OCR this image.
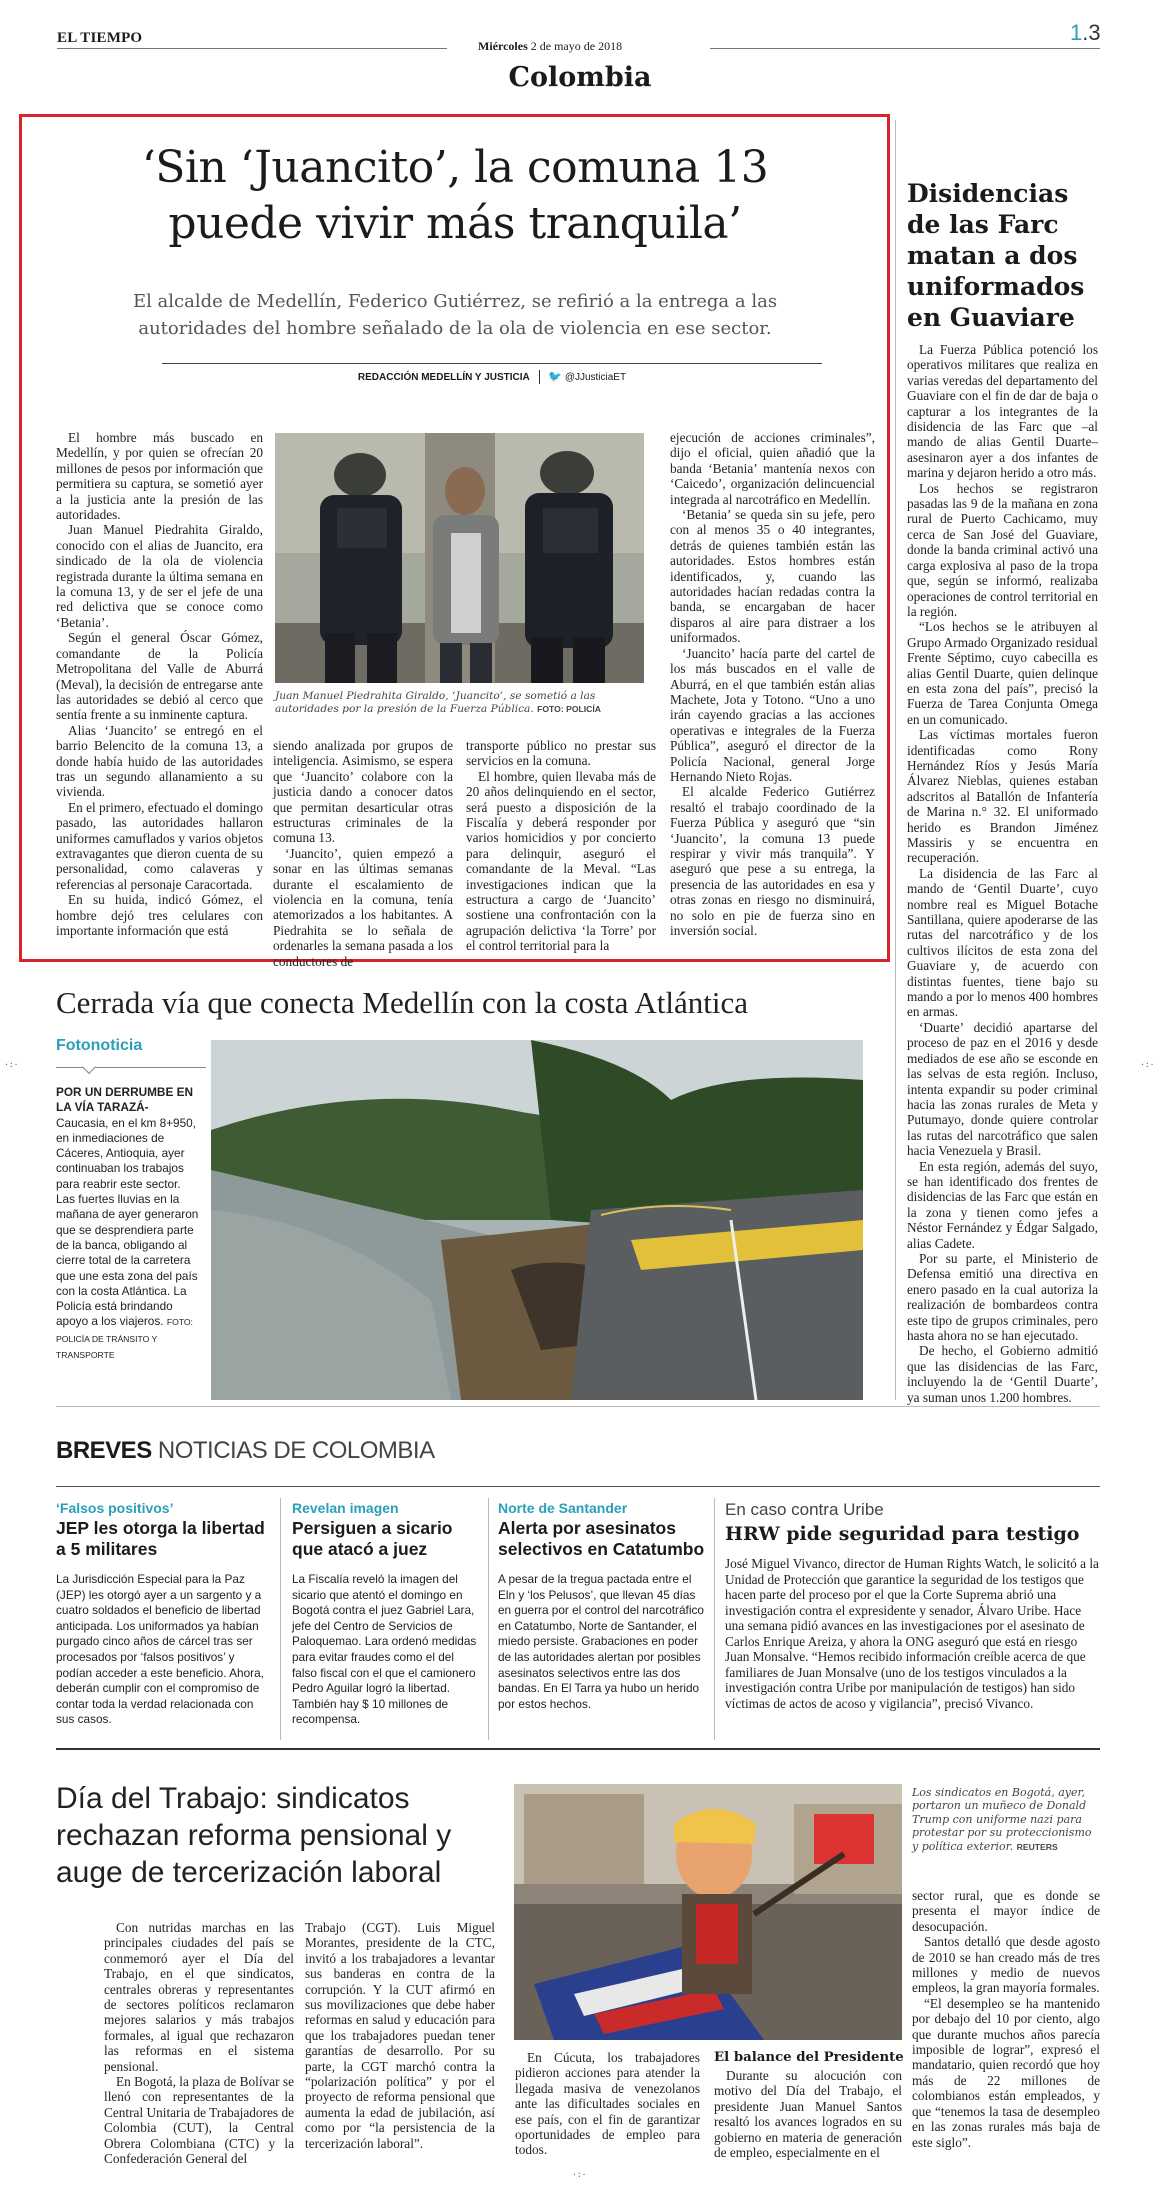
EL TIEMPO	Miércoles 2 de mayo de 2018
1.3
Colombia
‘Sin ‘Juancito’, la comuna 13
puede vivir más tranquila’
El alcalde de Medellín, Federico Gutiérrez, se refirió a la entrega a las
autoridades del hombre señalado de la ola de violencia en ese sector.
REDACCIÓN MEDELLÍN Y JUSTICIA 🐦 @JJusticiaET

El hombre más buscado en Medellín, y por quien se ofrecían 20 millones de pesos por información que permitiera su captura, se sometió ayer a la justicia ante la presión de las autoridades.

Juan Manuel Piedrahita Giraldo, conocido con el alias de Juancito, era sindicado de la ola de violencia registrada durante la última semana en la comuna 13, y de ser el jefe de una red delictiva que se conoce como ‘Betania’.

Según el general Óscar Gómez, comandante de la Policía Metropolitana del Valle de Aburrá (Meval), la decisión de entregarse ante las autoridades se debió al cerco que sentía frente a su inminente captura.

Alias ‘Juancito’ se entregó en el barrio Belencito de la comuna 13, a donde había huido de las autoridades tras un segundo allanamiento a su vivienda.

En el primero, efectuado el domingo pasado, las autoridades hallaron uniformes camuflados y varios objetos extravagantes que dieron cuenta de su personalidad, como calaveras y referencias al personaje Caracortada.

En su huida, indicó Gómez, el hombre dejó tres celulares con importante información que está

Juan Manuel Piedrahita Giraldo, ‘Juancito’, se sometió a las autoridades por la presión de la Fuerza Pública. FOTO: POLICÍA

siendo analizada por grupos de inteligencia. Asimismo, se espera que ‘Juancito’ colabore con la justicia dando a conocer datos que permitan desarticular otras estructuras criminales de la comuna 13.

‘Juancito’, quien empezó a sonar en las últimas semanas durante el escalamiento de violencia en la comuna, tenía atemorizados a los habitantes. A Piedrahita se lo señala de ordenarles la semana pasada a los conductores de

transporte público no prestar sus servicios en la comuna.

El hombre, quien llevaba más de 20 años delinquiendo en el sector, será puesto a disposición de la Fiscalía y deberá responder por varios homicidios y por concierto para delinquir, aseguró el comandante de la Meval. “Las investigaciones indican que la estructura a cargo de ‘Juancito’ sostiene una confrontación con la agrupación delictiva ‘la Torre’ por el control territorial para la

ejecución de acciones criminales”, dijo el oficial, quien añadió que la banda ‘Betania’ mantenía nexos con ‘Caicedo’, organización delincuencial integrada al narcotráfico en Medellín.

‘Betania’ se queda sin su jefe, pero con al menos 35 o 40 integrantes, detrás de quienes también están las autoridades. Estos hombres están identificados, y, cuando las autoridades hacían redadas contra la banda, se encargaban de hacer disparos al aire para distraer a los uniformados.

‘Juancito’ hacía parte del cartel de los más buscados en el valle de Aburrá, en el que también están alias Machete, Jota y Totono. “Uno a uno irán cayendo gracias a las acciones operativas e integrales de la Fuerza Pública”, aseguró el director de la Policía Nacional, general Jorge Hernando Nieto Rojas.

El alcalde Federico Gutiérrez resaltó el trabajo coordinado de la Fuerza Pública y aseguró que “sin ‘Juancito’, la comuna 13 puede respirar y vivir más tranquila”. Y aseguró que pese a su entrega, la presencia de las autoridades en esa y otras zonas en riesgo no disminuirá, no solo en pie de fuerza sino en inversión social.

Disidencias
de las Farc
matan a dos
uniformados
en Guaviare

La Fuerza Pública potenció los operativos militares que realiza en varias veredas del departamento del Guaviare con el fin de dar de baja o capturar a los integrantes de la disidencia de las Farc que –al mando de alias Gentil Duarte– asesinaron ayer a dos infantes de marina y dejaron herido a otro más.

Los hechos se registraron pasadas las 9 de la mañana en zona rural de Puerto Cachicamo, muy cerca de San José del Guaviare, donde la banda criminal activó una carga explosiva al paso de la tropa que, según se informó, realizaba operaciones de control territorial en la región.

“Los hechos se le atribuyen al Grupo Armado Organizado residual Frente Séptimo, cuyo cabecilla es alias Gentil Duarte, quien delinque en esta zona del país”, precisó la Fuerza de Tarea Conjunta Omega en un comunicado.

Las víctimas mortales fueron identificadas como Rony Hernández Ríos y Jesús María Álvarez Nieblas, quienes estaban adscritos al Batallón de Infantería de Marina n.° 32. El uniformado herido es Brandon Jiménez Massiris y se encuentra en recuperación.

La disidencia de las Farc al mando de ‘Gentil Duarte’, cuyo nombre real es Miguel Botache Santillana, quiere apoderarse de las rutas del narcotráfico y de los cultivos ilícitos de esta zona del Guaviare y, de acuerdo con distintas fuentes, tiene bajo su mando a por lo menos 400 hombres en armas.

‘Duarte’ decidió apartarse del proceso de paz en el 2016 y desde mediados de ese año se esconde en las selvas de esta región. Incluso, intenta expandir su poder criminal hacia las zonas rurales de Meta y Putumayo, donde quiere controlar las rutas del narcotráfico que salen hacia Venezuela y Brasil.

En esta región, además del suyo, se han identificado dos frentes de disidencias de las Farc que están en la zona y tienen como jefes a Néstor Fernández y Édgar Salgado, alias Cadete.

Por su parte, el Ministerio de Defensa emitió una directiva en enero pasado en la cual autoriza la realización de bombardeos contra este tipo de grupos criminales, pero hasta ahora no se han ejecutado.

De hecho, el Gobierno admitió que las disidencias de las Farc, incluyendo la de ‘Gentil Duarte’, ya suman unos 1.200 hombres.

Cerrada vía que conecta Medellín con la costa Atlántica
Fotonoticia
POR UN DERRUMBE EN LA VÍA TARAZÁ- Caucasia, en el km 8+950, en inmediaciones de Cáceres, Antioquia, ayer continuaban los trabajos para reabrir este sector. Las fuertes lluvias en la mañana de ayer generaron que se desprendiera parte de la banca, obligando al cierre total de la carretera que une esta zona del país con la costa Atlántica. La Policía está brindando apoyo a los viajeros. FOTO: POLICÍA DE TRÁNSITO Y TRANSPORTE
BREVES NOTICIAS DE COLOMBIA
‘Falsos positivos’
JEP les otorga la libertad a 5 militares
La Jurisdicción Especial para la Paz (JEP) les otorgó ayer a un sargento y a cuatro soldados el beneficio de libertad anticipada. Los uniformados ya habían purgado cinco años de cárcel tras ser procesados por ‘falsos positivos’ y podían acceder a este beneficio. Ahora, deberán cumplir con el compromiso de contar toda la verdad relacionada con sus casos.
Revelan imagen
Persiguen a sicario que atacó a juez
La Fiscalía reveló la imagen del sicario que atentó el domingo en Bogotá contra el juez Gabriel Lara, jefe del Centro de Servicios de Paloquemao. Lara ordenó medidas para evitar fraudes como el del falso fiscal con el que el camionero Pedro Aguilar logró la libertad. También hay $ 10 millones de recompensa.
Norte de Santander
Alerta por asesinatos selectivos en Catatumbo
A pesar de la tregua pactada entre el Eln y ‘los Pelusos’, que llevan 45 días en guerra por el control del narcotráfico en Catatumbo, Norte de Santander, el miedo persiste. Grabaciones en poder de las autoridades alertan por posibles asesinatos selectivos entre las dos bandas. En El Tarra ya hubo un herido por estos hechos.
En caso contra Uribe
HRW pide seguridad para testigo
José Miguel Vivanco, director de Human Rights Watch, le solicitó a la Unidad de Protección que garantice la seguridad de los testigos que hacen parte del proceso por el que la Corte Suprema abrió una investigación contra el expresidente y senador, Álvaro Uribe. Hace una semana pidió avances en las investigaciones por el asesinato de Carlos Enrique Areiza, y ahora la ONG aseguró que está en riesgo Juan Monsalve. “Hemos recibido información creíble acerca de que familiares de Juan Monsalve (uno de los testigos vinculados a la investigación contra Uribe por manipulación de testigos) han sido víctimas de actos de acoso y vigilancia”, precisó Vivanco.
Día del Trabajo: sindicatos
rechazan reforma pensional y
auge de tercerización laboral

Con nutridas marchas en las principales ciudades del país se conmemoró ayer el Día del Trabajo, en el que sindicatos, centrales obreras y representantes de sectores políticos reclamaron mejores salarios y más trabajos formales, al igual que rechazaron las reformas en el sistema pensional.

En Bogotá, la plaza de Bolívar se llenó con representantes de la Central Unitaria de Trabajadores de Colombia (CUT), la Central Obrera Colombiana (CTC) y la Confederación General del

Trabajo (CGT). Luis Miguel Morantes, presidente de la CTC, invitó a los trabajadores a levantar sus banderas en contra de la corrupción. Y la CUT afirmó en sus movilizaciones que debe haber reformas en salud y educación para que los trabajadores puedan tener garantías de desarrollo. Por su parte, la CGT marchó contra la “polarización política” y por el proyecto de reforma pensional que aumenta la edad de jubilación, así como por “la persistencia de la tercerización laboral”.

Los sindicatos en Bogotá, ayer, portaron un muñeco de Donald Trump con uniforme nazi para protestar por su proteccionismo y política exterior. REUTERS

En Cúcuta, los trabajadores pidieron acciones para atender la llegada masiva de venezolanos ante las dificultades sociales en ese país, con el fin de garantizar oportunidades de empleo para todos.

El balance del Presidente

Durante su alocución con motivo del Día del Trabajo, el presidente Juan Manuel Santos resaltó los avances logrados en su gobierno en materia de generación de empleo, especialmente en el

sector rural, que es donde se presenta el mayor índice de desocupación.

Santos detalló que desde agosto de 2010 se han creado más de tres millones y medio de nuevos empleos, la gran mayoría formales.

“El desempleo se ha mantenido por debajo del 10 por ciento, algo que durante muchos años parecía imposible de lograr”, expresó el mandatario, quien recordó que hoy más de 22 millones de colombianos están empleados, y que “tenemos la tasa de desempleo en las zonas rurales más baja de este siglo”.

·:·	·:·
·:·
